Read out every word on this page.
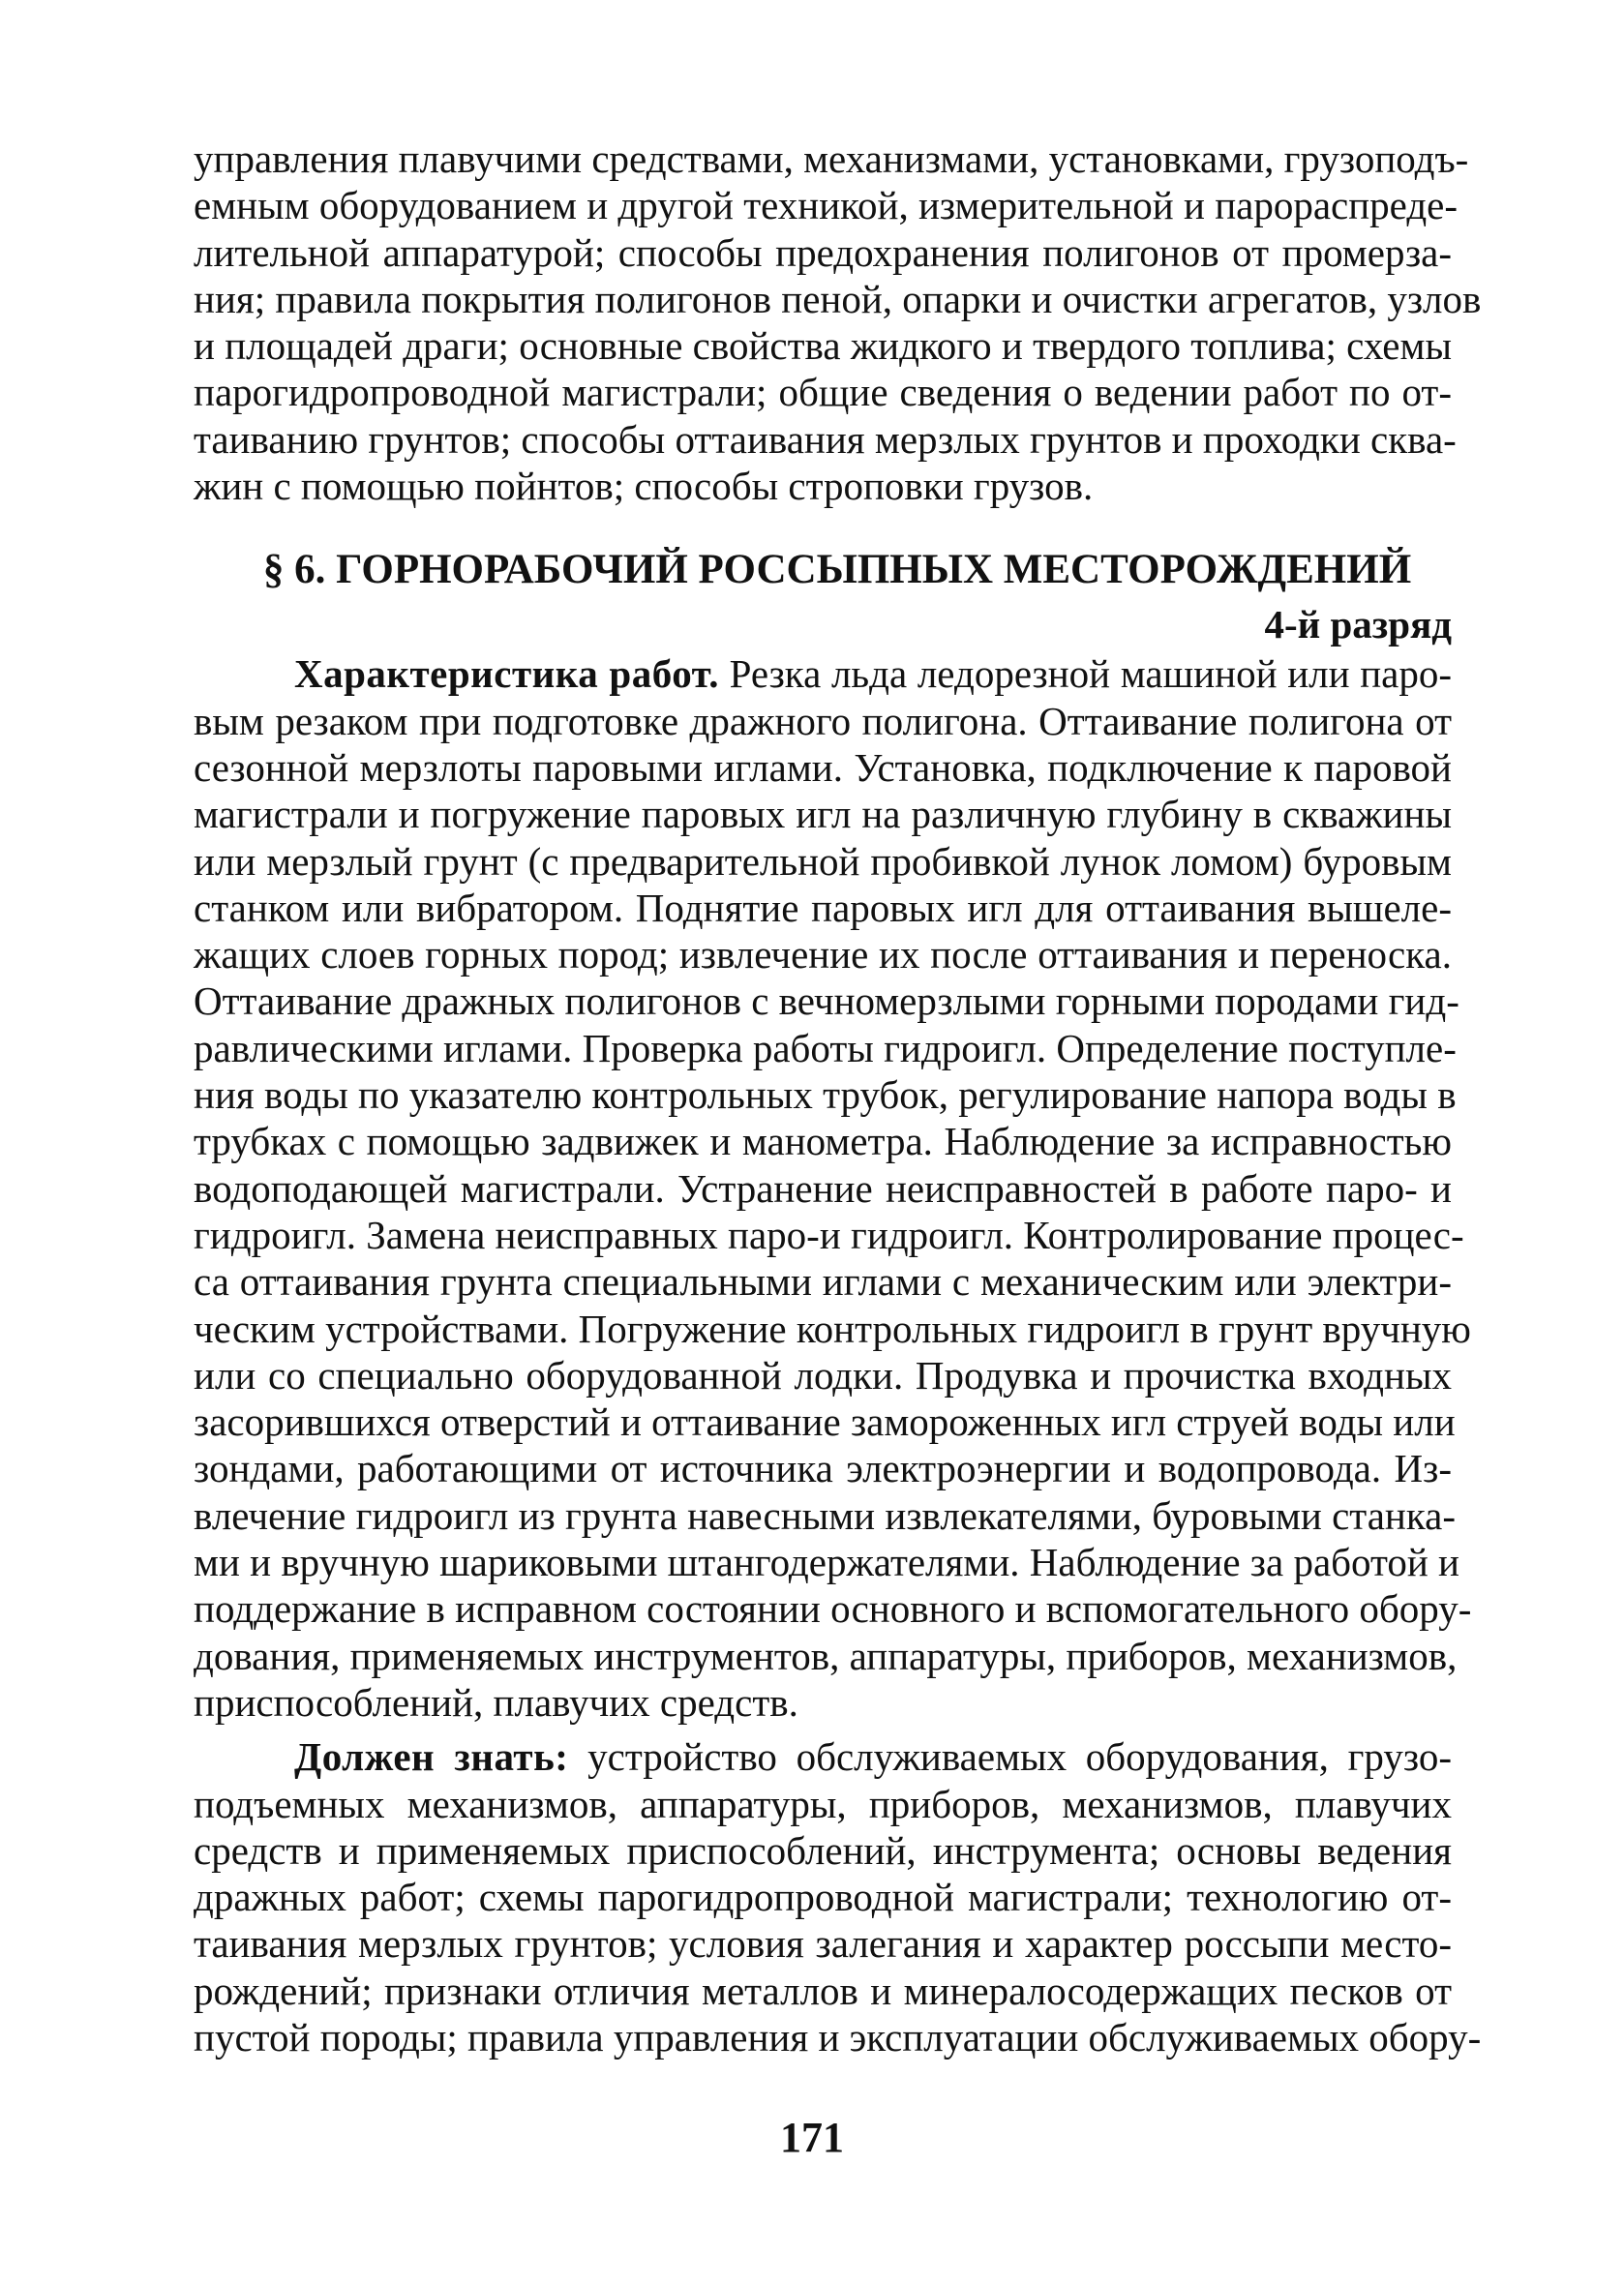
управления плавучими средствами, механизмами, установками, грузоподъ-
емным оборудованием и другой техникой, измерительной и парораспреде-
лительной аппаратурой; способы предохранения полигонов от промерза-
ния; правила покрытия полигонов пеной, опарки и очистки агрегатов, узлов
и площадей драги; основные свойства жидкого и твердого топлива; схемы
парогидропроводной магистрали; общие сведения о ведении работ по от-
таиванию грунтов; способы оттаивания мерзлых грунтов и проходки сква-
жин с помощью пойнтов; способы строповки грузов.
§ 6. ГОРНОРАБОЧИЙ РОССЫПНЫХ МЕСТОРОЖДЕНИЙ
4-й разряд
Характеристика работ. Резка льда ледорезной машиной или паро-
вым резаком при подготовке дражного полигона. Оттаивание полигона от
сезонной мерзлоты паровыми иглами. Установка, подключение к паровой
магистрали и погружение паровых игл на различную глубину в скважины
или мерзлый грунт (с предварительной пробивкой лунок ломом) буровым
станком или вибратором. Поднятие паровых игл для оттаивания вышеле-
жащих слоев горных пород; извлечение их после оттаивания и переноска.
Оттаивание дражных полигонов с вечномерзлыми горными породами гид-
равлическими иглами. Проверка работы гидроигл. Определение поступле-
ния воды по указателю контрольных трубок, регулирование напора воды в
трубках с помощью задвижек и манометра. Наблюдение за исправностью
водоподающей магистрали. Устранение неисправностей в работе паро- и
гидроигл. Замена неисправных паро-и гидроигл. Контролирование процес-
са оттаивания грунта специальными иглами с механическим или электри-
ческим устройствами. Погружение контрольных гидроигл в грунт вручную
или со специально оборудованной лодки. Продувка и прочистка входных
засорившихся отверстий и оттаивание замороженных игл струей воды или
зондами, работающими от источника электроэнергии и водопровода. Из-
влечение гидроигл из грунта навесными извлекателями, буровыми станка-
ми и вручную шариковыми штангодержателями. Наблюдение за работой и
поддержание в исправном состоянии основного и вспомогательного обору-
дования, применяемых инструментов, аппаратуры, приборов, механизмов,
приспособлений, плавучих средств.
Должен знать: устройство обслуживаемых оборудования, грузо-
подъемных механизмов, аппаратуры, приборов, механизмов, плавучих
средств и применяемых приспособлений, инструмента; основы ведения
дражных работ; схемы парогидропроводной магистрали; технологию от-
таивания мерзлых грунтов; условия залегания и характер россыпи место-
рождений; признаки отличия металлов и минералосодержащих песков от
пустой породы; правила управления и эксплуатации обслуживаемых обору-
171
